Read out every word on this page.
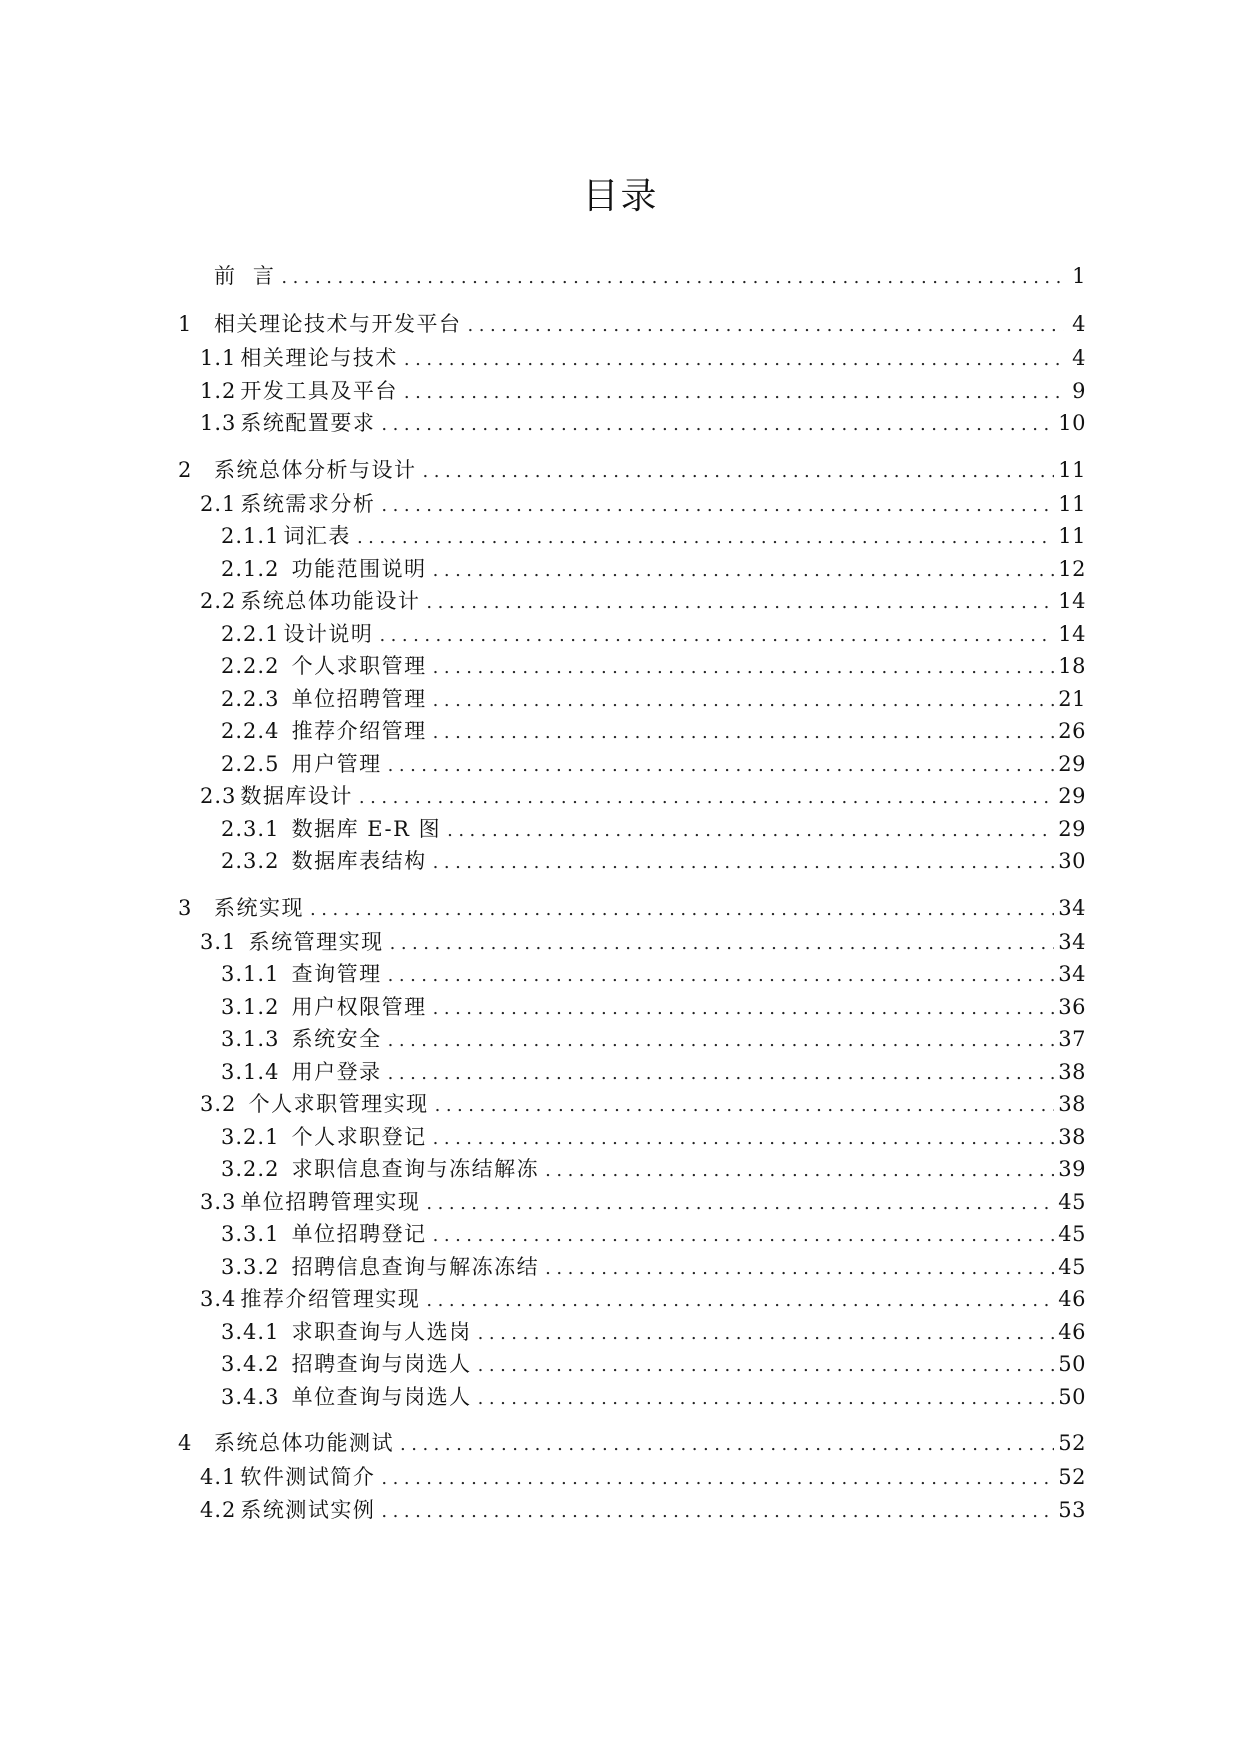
目录
前  言 .....	1
1	相关理论技术与开发平台 .....	4
1.1 相关理论与技术 .....	4
1.2 开发工具及平台 .....	9
1.3 系统配置要求 .....	10
2	系统总体分析与设计 .....	11
2.1 系统需求分析 .....	11
2.1.1 词汇表 .....	11
2.1.2 功能范围说明 .....	12
2.2 系统总体功能设计 .....	14
2.2.1 设计说明 .....	14
2.2.2 个人求职管理 .....	18
2.2.3 单位招聘管理 .....	21
2.2.4 推荐介绍管理 .....	26
2.2.5 用户管理 .....	29
2.3 数据库设计 .....	29
2.3.1 数据库 E-R 图 .....	29
2.3.2 数据库表结构 .....	30
3	系统实现 .....	34
3.1 系统管理实现 .....	34
3.1.1 查询管理 .....	34
3.1.2 用户权限管理 .....	36
3.1.3 系统安全 .....	37
3.1.4 用户登录 .....	38
3.2 个人求职管理实现 .....	38
3.2.1 个人求职登记 .....	38
3.2.2 求职信息查询与冻结解冻 .....	39
3.3 单位招聘管理实现 .....	45
3.3.1 单位招聘登记 .....	45
3.3.2 招聘信息查询与解冻冻结 .....	45
3.4 推荐介绍管理实现 .....	46
3.4.1 求职查询与人选岗 .....	46
3.4.2 招聘查询与岗选人 .....	50
3.4.3 单位查询与岗选人 .....	50
4	系统总体功能测试 .....	52
4.1 软件测试简介 .....	52
4.2 系统测试实例 .....	53
